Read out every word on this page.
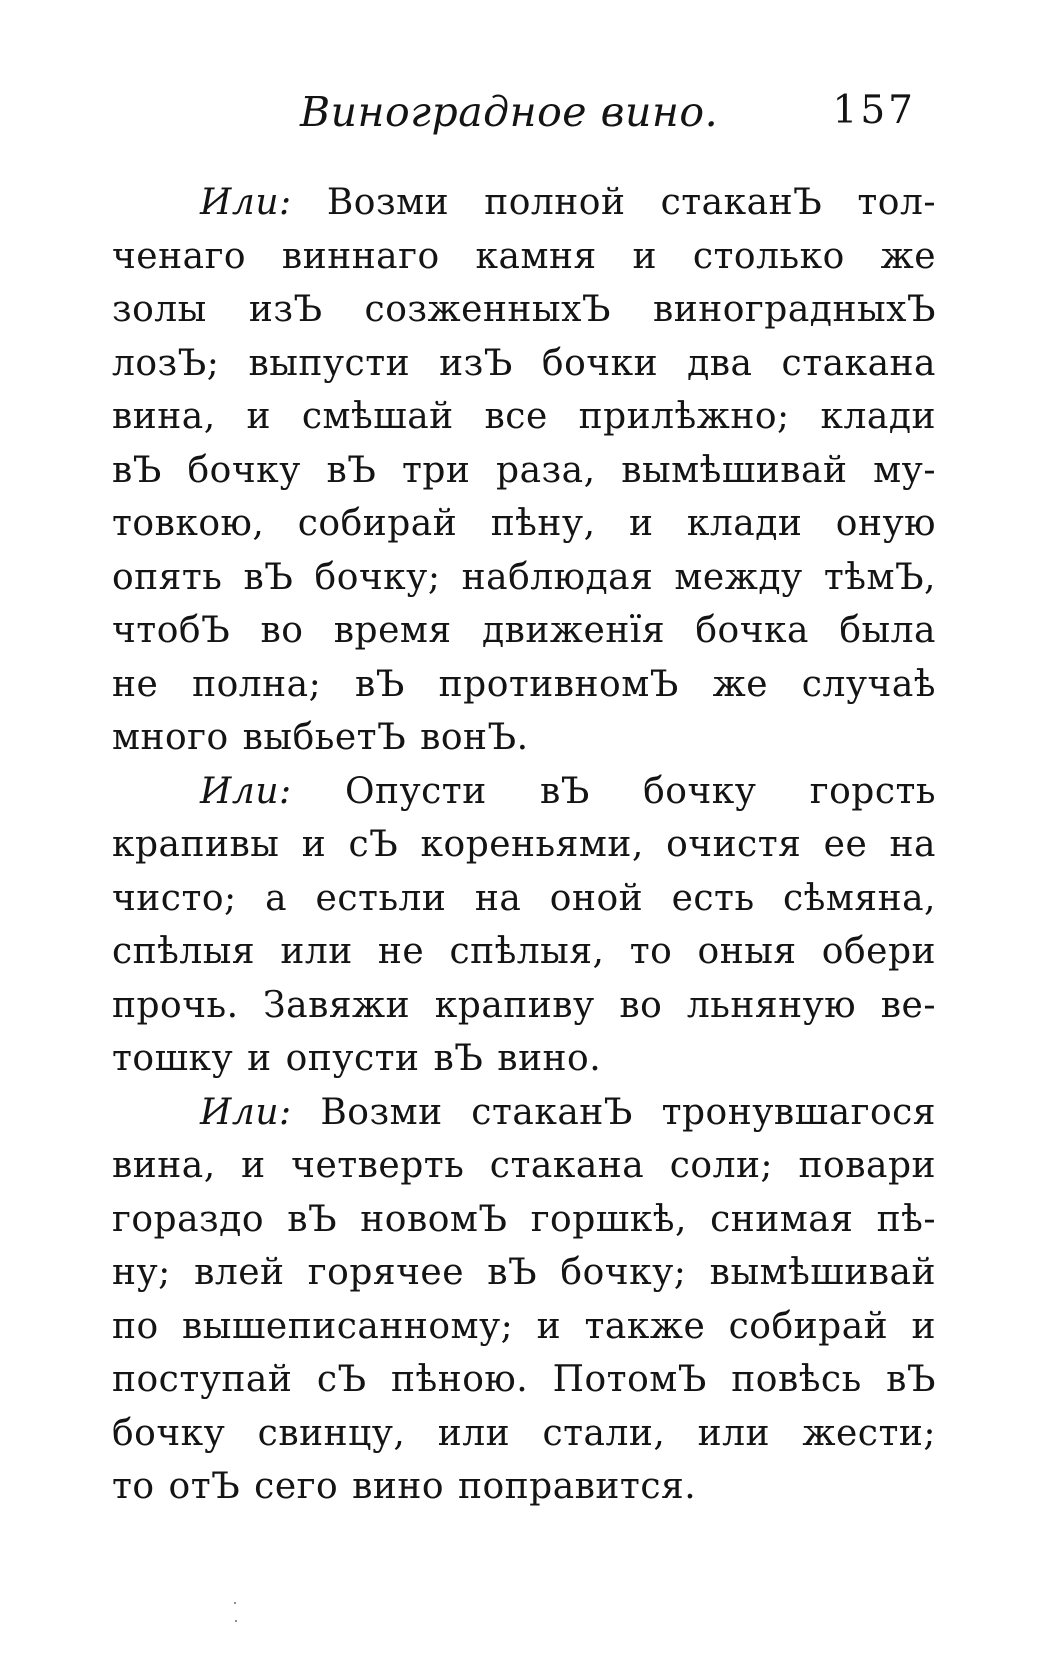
Виноградное вино.	157
Или: Возми полной стаканЪ тол-
ченаго виннаго камня и столько же
золы изЪ созженныхЪ виноградныхЪ
лозЪ; выпусти изЪ бочки два стакана
вина, и смѣшай все прилѣжно; клади
вЪ бочку вЪ три раза, вымѣшивай му-
товкою, собирай пѣну, и клади оную
опять вЪ бочку; наблюдая между тѣмЪ,
чтобЪ во время движенїя бочка была
не полна; вЪ противномЪ же случаѣ
много выбьетЪ вонЪ.
Или: Опусти вЪ бочку горсть
крапивы и сЪ кореньями, очистя ее на
чисто; а естьли на оной есть сѣмяна,
спѣлыя или не спѣлыя, то оныя обери
прочь. Завяжи крапиву во льняную ве-
тошку и опусти вЪ вино.
Или: Возми стаканЪ тронувшагося
вина, и четверть стакана соли; повари
гораздо вЪ новомЪ горшкѣ, снимая пѣ-
ну; влей горячее вЪ бочку; вымѣшивай
по вышеписанному; и также собирай и
поступай сЪ пѣною. ПотомЪ повѣсь вЪ
бочку свинцу, или стали, или жести;
то отЪ сего вино поправится.
